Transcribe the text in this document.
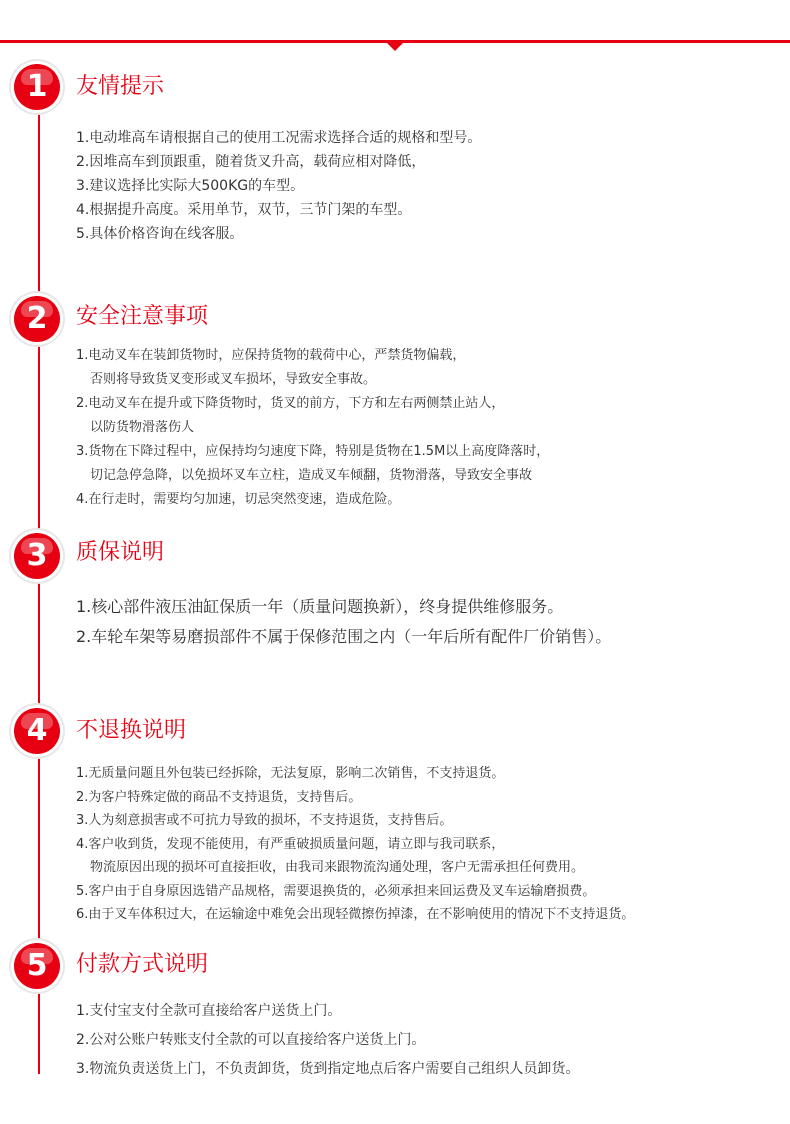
1	友情提示
1.电动堆高车请根据自己的使用工况需求选择合适的规格和型号。
2.因堆高车到顶跟重，随着货叉升高，载荷应相对降低，
3.建议选择比实际大500KG的车型。
4.根据提升高度。采用单节，双节，三节门架的车型。
5.具体价格咨询在线客服。
2	安全注意事项
1.电动叉车在装卸货物时，应保持货物的载荷中心，严禁货物偏载，
否则将导致货叉变形或叉车损坏，导致安全事故。
2.电动叉车在提升或下降货物时，货叉的前方，下方和左右两侧禁止站人，
以防货物滑落伤人
3.货物在下降过程中，应保持均匀速度下降，特别是货物在1.5M以上高度降落时，
切记急停急降，以免损坏叉车立柱，造成叉车倾翻，货物滑落，导致安全事故
4.在行走时，需要均匀加速，切忌突然变速，造成危险。
3	质保说明
1.核心部件液压油缸保质一年（质量问题换新），终身提供维修服务。
2.车轮车架等易磨损部件不属于保修范围之内（一年后所有配件厂价销售）。
4	不退换说明
1.无质量问题且外包装已经拆除，无法复原，影响二次销售，不支持退货。
2.为客户特殊定做的商品不支持退货，支持售后。
3.人为刻意损害或不可抗力导致的损坏，不支持退货，支持售后。
4.客户收到货，发现不能使用，有严重破损质量问题，请立即与我司联系，
物流原因出现的损坏可直接拒收，由我司来跟物流沟通处理，客户无需承担任何费用。
5.客户由于自身原因选错产品规格，需要退换货的，必须承担来回运费及叉车运输磨损费。
6.由于叉车体积过大，在运输途中难免会出现轻微擦伤掉漆，在不影响使用的情况下不支持退货。
5	付款方式说明
1.支付宝支付全款可直接给客户送货上门。
2.公对公账户转账支付全款的可以直接给客户送货上门。
3.物流负责送货上门，不负责卸货，货到指定地点后客户需要自己组织人员卸货。
